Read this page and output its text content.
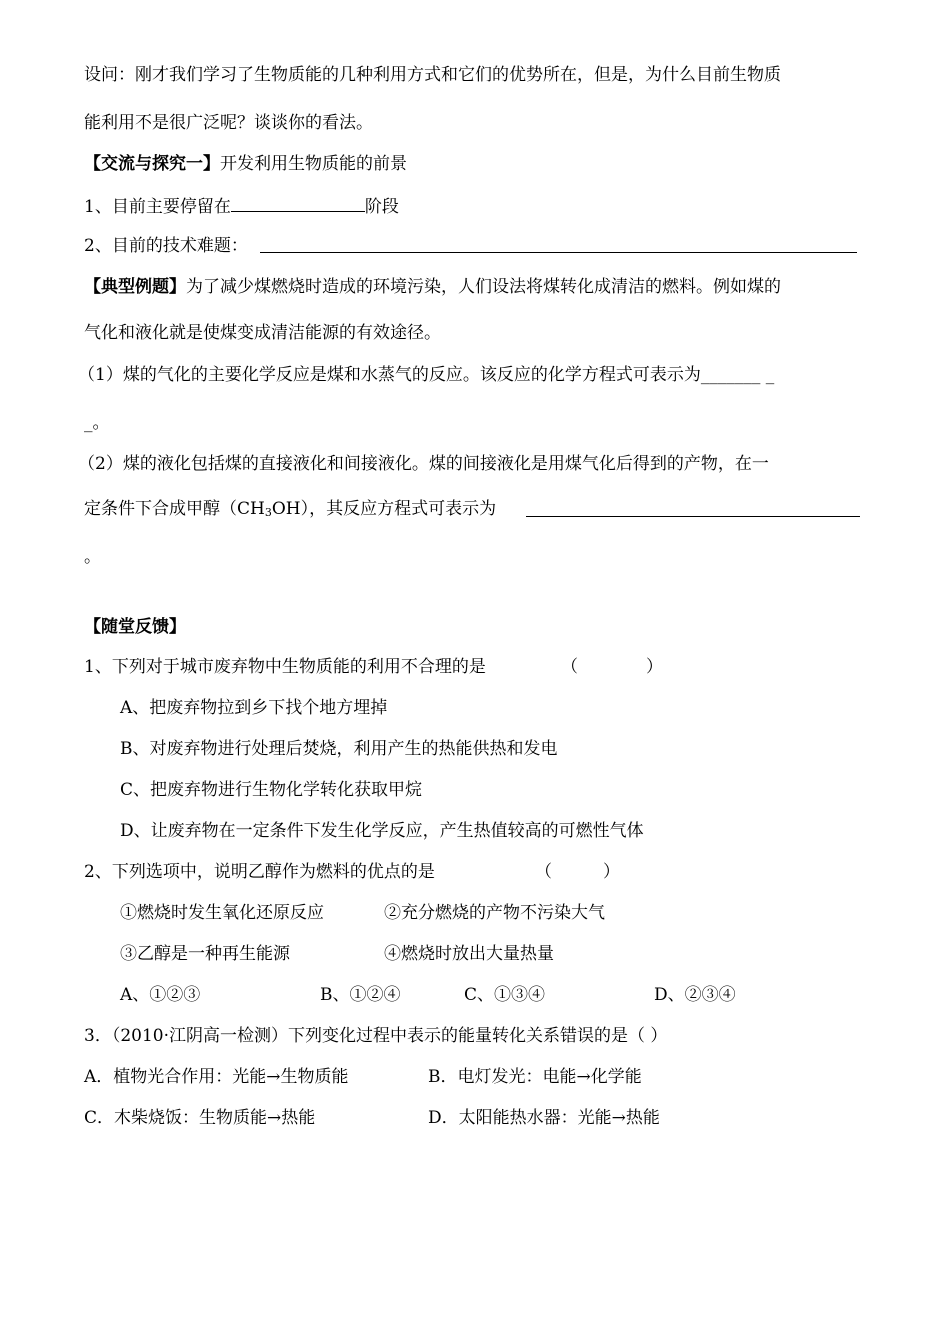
设问：刚才我们学习了生物质能的几种利用方式和它们的优势所在，但是，为什么目前生物质
能利用不是很广泛呢？谈谈你的看法。
【交流与探究一】开发利用生物质能的前景
1、目前主要停留在	阶段
2、目前的技术难题：
【典型例题】为了减少煤燃烧时造成的环境污染，人们设法将煤转化成清洁的燃料。例如煤的
气化和液化就是使煤变成清洁能源的有效途径。
（1）煤的气化的主要化学反应是煤和水蒸气的反应。该反应的化学方程式可表示为_______ _
_。
（2）煤的液化包括煤的直接液化和间接液化。煤的间接液化是用煤气化后得到的产物，在一
定条件下合成甲醇（CH3OH），其反应方程式可表示为
。
【随堂反馈】
1、下列对于城市废弃物中生物质能的利用不合理的是	（　　　　）
A、把废弃物拉到乡下找个地方埋掉
B、对废弃物进行处理后焚烧，利用产生的热能供热和发电
C、把废弃物进行生物化学转化获取甲烷
D、让废弃物在一定条件下发生化学反应，产生热值较高的可燃性气体
2、下列选项中，说明乙醇作为燃料的优点的是	（　　　）
①燃烧时发生氧化还原反应	②充分燃烧的产物不污染大气
③乙醇是一种再生能源	④燃烧时放出大量热量
A、①②③	B、①②④	C、①③④	D、②③④
3．（2010·江阴高一检测）下列变化过程中表示的能量转化关系错误的是（ ）
A．植物光合作用：光能→生物质能	B．电灯发光：电能→化学能
C．木柴烧饭：生物质能→热能	D．太阳能热水器：光能→热能
